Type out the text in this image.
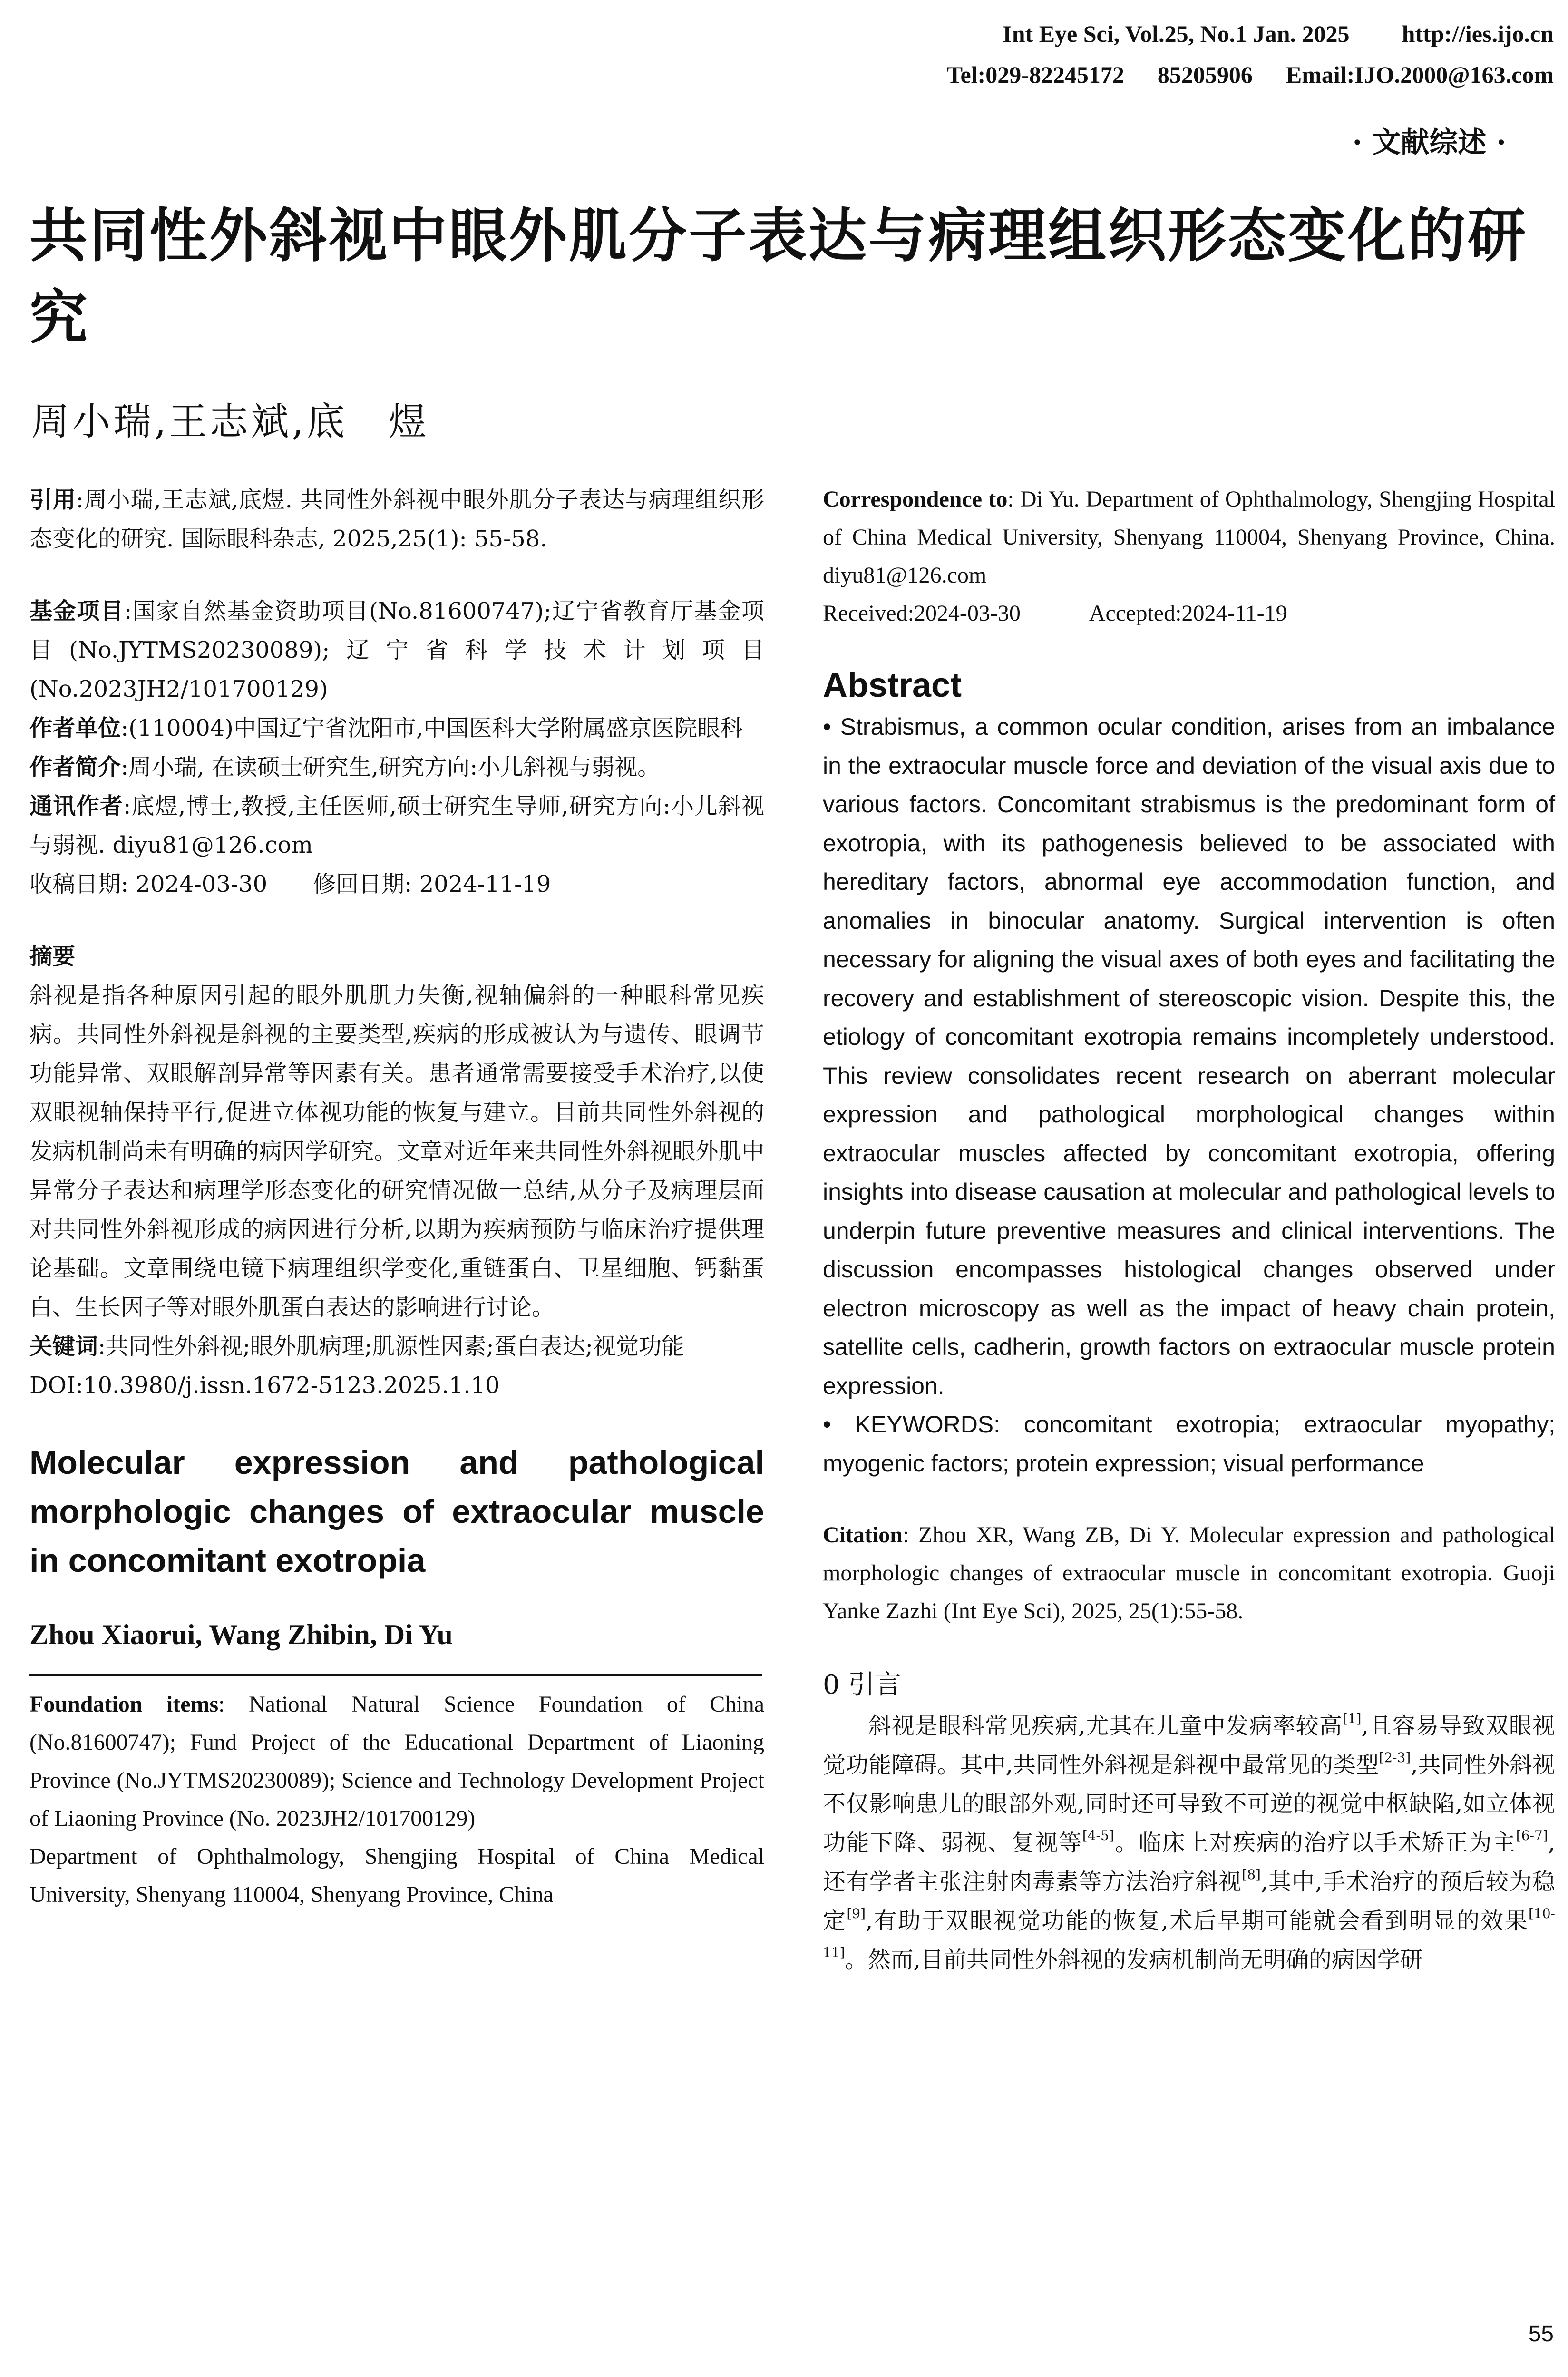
Int Eye Sci, Vol.25, No.1 Jan. 2025 http://ies.ijo.cn
Tel:029-82245172 85205906 Email:IJO.2000@163.com
· 文献综述 ·
共同性外斜视中眼外肌分子表达与病理组织形态变化的研究
周小瑞,王志斌,底　煜

引用:周小瑞,王志斌,底煜. 共同性外斜视中眼外肌分子表达与病理组织形态变化的研究. 国际眼科杂志, 2025,25(1): 55-58.

基金项目:国家自然基金资助项目(No.81600747);辽宁省教育厅基金项目(No.JYTMS20230089);辽宁省科学技术计划项目(No.2023JH2/101700129)

作者单位:(110004)中国辽宁省沈阳市,中国医科大学附属盛京医院眼科

作者简介:周小瑞, 在读硕士研究生,研究方向:小儿斜视与弱视。

通讯作者:底煜,博士,教授,主任医师,硕士研究生导师,研究方向:小儿斜视与弱视. diyu81@126.com

收稿日期: 2024-03-30　　修回日期: 2024-11-19

摘要

斜视是指各种原因引起的眼外肌肌力失衡,视轴偏斜的一种眼科常见疾病。共同性外斜视是斜视的主要类型,疾病的形成被认为与遗传、眼调节功能异常、双眼解剖异常等因素有关。患者通常需要接受手术治疗,以使双眼视轴保持平行,促进立体视功能的恢复与建立。目前共同性外斜视的发病机制尚未有明确的病因学研究。文章对近年来共同性外斜视眼外肌中异常分子表达和病理学形态变化的研究情况做一总结,从分子及病理层面对共同性外斜视形成的病因进行分析,以期为疾病预防与临床治疗提供理论基础。文章围绕电镜下病理组织学变化,重链蛋白、卫星细胞、钙黏蛋白、生长因子等对眼外肌蛋白表达的影响进行讨论。

关键词:共同性外斜视;眼外肌病理;肌源性因素;蛋白表达;视觉功能

DOI:10.3980/j.issn.1672-5123.2025.1.10

Molecular expression and pathological morphologic changes of extraocular muscle in concomitant exotropia

Zhou Xiaorui, Wang Zhibin, Di Yu

Foundation items: National Natural Science Foundation of China (No.81600747); Fund Project of the Educational Department of Liaoning Province (No.JYTMS20230089); Science and Technology Development Project of Liaoning Province (No. 2023JH2/101700129)

Department of Ophthalmology, Shengjing Hospital of China Medical University, Shenyang 110004, Shenyang Province, China

Correspondence to: Di Yu. Department of Ophthalmology, Shengjing Hospital of China Medical University, Shenyang 110004, Shenyang Province, China. diyu81@126.com

Received:2024-03-30　　　	Accepted:2024-11-19

Abstract

• Strabismus, a common ocular condition, arises from an imbalance in the extraocular muscle force and deviation of the visual axis due to various factors. Concomitant strabismus is the predominant form of exotropia, with its pathogenesis believed to be associated with hereditary factors, abnormal eye accommodation function, and anomalies in binocular anatomy. Surgical intervention is often necessary for aligning the visual axes of both eyes and facilitating the recovery and establishment of stereoscopic vision. Despite this, the etiology of concomitant exotropia remains incompletely understood. This review consolidates recent research on aberrant molecular expression and pathological morphological changes within extraocular muscles affected by concomitant exotropia, offering insights into disease causation at molecular and pathological levels to underpin future preventive measures and clinical interventions. The discussion encompasses histological changes observed under electron microscopy as well as the impact of heavy chain protein, satellite cells, cadherin, growth factors on extraocular muscle protein expression.

• KEYWORDS: concomitant exotropia; extraocular myopathy; myogenic factors; protein expression; visual performance

Citation: Zhou XR, Wang ZB, Di Y. Molecular expression and pathological morphologic changes of extraocular muscle in concomitant exotropia. Guoji Yanke Zazhi (Int Eye Sci), 2025, 25(1):55-58.

0 引言

斜视是眼科常见疾病,尤其在儿童中发病率较高[1],且容易导致双眼视觉功能障碍。其中,共同性外斜视是斜视中最常见的类型[2-3],共同性外斜视不仅影响患儿的眼部外观,同时还可导致不可逆的视觉中枢缺陷,如立体视功能下降、弱视、复视等[4-5]。临床上对疾病的治疗以手术矫正为主[6-7],还有学者主张注射肉毒素等方法治疗斜视[8],其中,手术治疗的预后较为稳定[9],有助于双眼视觉功能的恢复,术后早期可能就会看到明显的效果[10-11]。然而,目前共同性外斜视的发病机制尚无明确的病因学研

55
